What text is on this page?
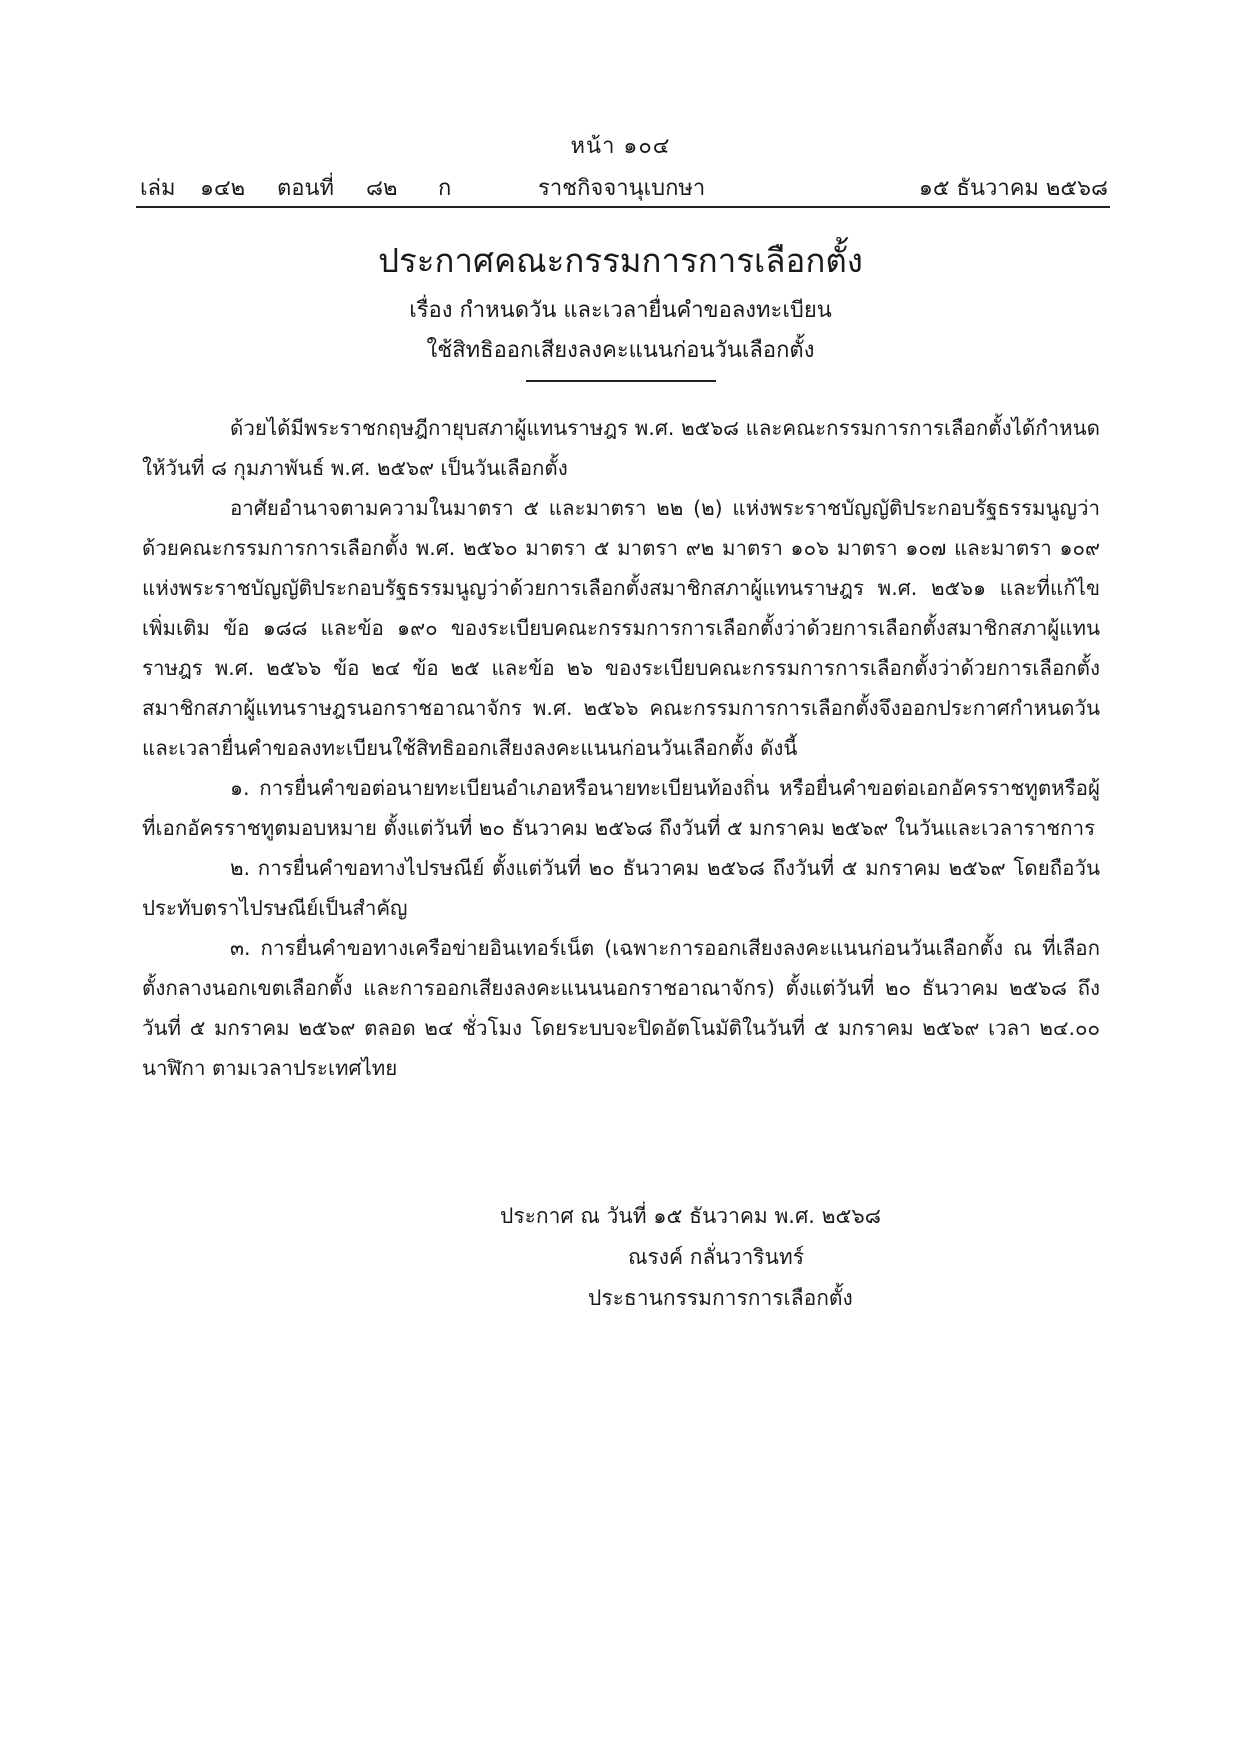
หน้า ๑๐๔
เล่ม ๑๔๒ ตอนที่ ๘๒ ก	ราชกิจจานุเบกษา	๑๕ ธันวาคม ๒๕๖๘
ประกาศคณะกรรมการการเลือกตั้ง
เรื่อง กำหนดวัน และเวลายื่นคำขอลงทะเบียน
ใช้สิทธิออกเสียงลงคะแนนก่อนวันเลือกตั้ง

ด้วยได้มีพระราชกฤษฎีกายุบสภาผู้แทนราษฎร พ.ศ. ๒๕๖๘ และคณะกรรมการการเลือกตั้งได้กำหนดให้วันที่ ๘ กุมภาพันธ์ พ.ศ. ๒๕๖๙ เป็นวันเลือกตั้ง

อาศัยอำนาจตามความในมาตรา ๕ และมาตรา ๒๒ (๒) แห่งพระราชบัญญัติประกอบรัฐธรรมนูญว่าด้วยคณะกรรมการการเลือกตั้ง พ.ศ. ๒๕๖๐ มาตรา ๕ มาตรา ๙๒ มาตรา ๑๐๖ มาตรา ๑๐๗ และมาตรา ๑๐๙ แห่งพระราชบัญญัติประกอบรัฐธรรมนูญว่าด้วยการเลือกตั้งสมาชิกสภาผู้แทนราษฎร พ.ศ. ๒๕๖๑ และที่แก้ไขเพิ่มเติม ข้อ ๑๘๘ และข้อ ๑๙๐ ของระเบียบคณะกรรมการการเลือกตั้งว่าด้วยการเลือกตั้งสมาชิกสภาผู้แทนราษฎร พ.ศ. ๒๕๖๖ ข้อ ๒๔ ข้อ ๒๕ และข้อ ๒๖ ของระเบียบคณะกรรมการการเลือกตั้งว่าด้วยการเลือกตั้งสมาชิกสภาผู้แทนราษฎรนอกราชอาณาจักร พ.ศ. ๒๕๖๖ คณะกรรมการการเลือกตั้งจึงออกประกาศกำหนดวัน และเวลายื่นคำขอลงทะเบียนใช้สิทธิออกเสียงลงคะแนนก่อนวันเลือกตั้ง ดังนี้

๑. การยื่นคำขอต่อนายทะเบียนอำเภอหรือนายทะเบียนท้องถิ่น หรือยื่นคำขอต่อเอกอัครราชทูตหรือผู้ที่เอกอัครราชทูตมอบหมาย ตั้งแต่วันที่ ๒๐ ธันวาคม ๒๕๖๘ ถึงวันที่ ๕ มกราคม ๒๕๖๙ ในวันและเวลาราชการ

๒. การยื่นคำขอทางไปรษณีย์ ตั้งแต่วันที่ ๒๐ ธันวาคม ๒๕๖๘ ถึงวันที่ ๕ มกราคม ๒๕๖๙ โดยถือวันประทับตราไปรษณีย์เป็นสำคัญ

๓. การยื่นคำขอทางเครือข่ายอินเทอร์เน็ต (เฉพาะการออกเสียงลงคะแนนก่อนวันเลือกตั้ง ณ ที่เลือกตั้งกลางนอกเขตเลือกตั้ง และการออกเสียงลงคะแนนนอกราชอาณาจักร) ตั้งแต่วันที่ ๒๐ ธันวาคม ๒๕๖๘ ถึงวันที่ ๕ มกราคม ๒๕๖๙ ตลอด ๒๔ ชั่วโมง โดยระบบจะปิดอัตโนมัติในวันที่ ๕ มกราคม ๒๕๖๙ เวลา ๒๔.๐๐ นาฬิกา ตามเวลาประเทศไทย

ประกาศ ณ วันที่ ๑๕ ธันวาคม พ.ศ. ๒๕๖๘
ณรงค์ กลั่นวารินทร์
ประธานกรรมการการเลือกตั้ง
